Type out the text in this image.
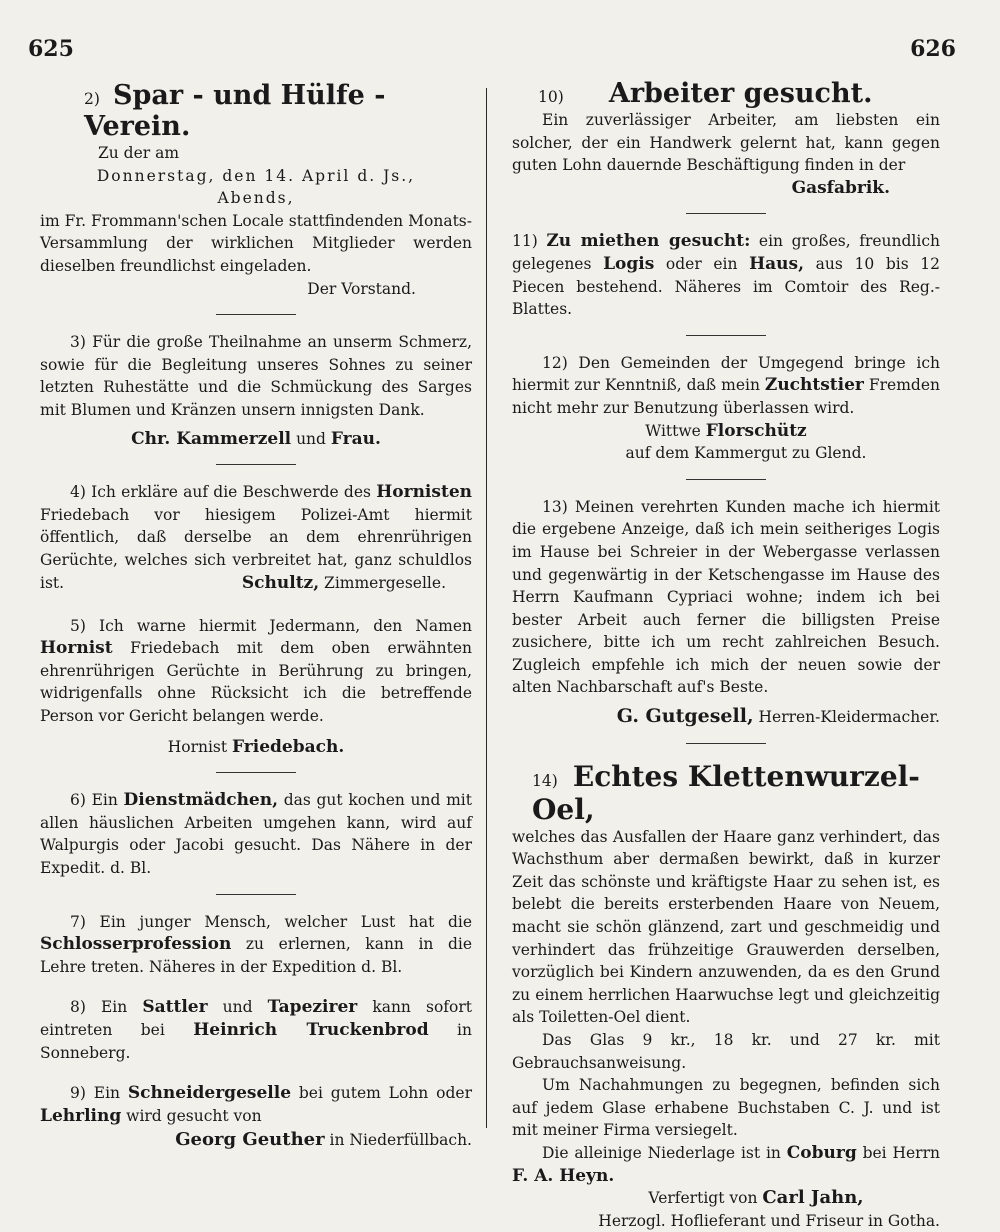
625	626

2) Spar - und Hülfe - Verein.

Zu der am

Donnerstag, den 14. April d. Js.,

Abends,

im Fr. Frommann'schen Locale stattfindenden Monats-Versammlung der wirklichen Mitglieder werden dieselben freundlichst eingeladen.

Der Vorstand.

3) Für die große Theilnahme an unserm Schmerz, sowie für die Begleitung unseres Sohnes zu seiner letzten Ruhestätte und die Schmückung des Sarges mit Blumen und Kränzen unsern innigsten Dank.

Chr. Kammerzell und Frau.

4) Ich erkläre auf die Beschwerde des Hornisten Friedebach vor hiesigem Polizei-Amt hiermit öffentlich, daß derselbe an dem ehrenrührigen Gerüchte, welches sich verbreitet hat, ganz schuldlos ist.	Schultz, Zimmergeselle.

5) Ich warne hiermit Jedermann, den Namen Hornist Friedebach mit dem oben erwähnten ehrenrührigen Gerüchte in Berührung zu bringen, widrigenfalls ohne Rücksicht ich die betreffende Person vor Gericht belangen werde.

Hornist Friedebach.

6) Ein Dienstmädchen, das gut kochen und mit allen häuslichen Arbeiten umgehen kann, wird auf Walpurgis oder Jacobi gesucht. Das Nähere in der Expedit. d. Bl.

7) Ein junger Mensch, welcher Lust hat die Schlosserprofession zu erlernen, kann in die Lehre treten. Näheres in der Expedition d. Bl.

8) Ein Sattler und Tapezirer kann sofort eintreten bei Heinrich Truckenbrod in Sonneberg.

9) Ein Schneidergeselle bei gutem Lohn oder Lehrling wird gesucht von

Georg Geuther in Niederfüllbach.

10) Arbeiter gesucht.

Ein zuverlässiger Arbeiter, am liebsten ein solcher, der ein Handwerk gelernt hat, kann gegen guten Lohn dauernde Beschäftigung finden in der

Gasfabrik.

11) Zu miethen gesucht: ein großes, freundlich gelegenes Logis oder ein Haus, aus 10 bis 12 Piecen bestehend. Näheres im Comtoir des Reg.-Blattes.

12) Den Gemeinden der Umgegend bringe ich hiermit zur Kenntniß, daß mein Zuchtstier Fremden nicht mehr zur Benutzung überlassen wird.

Wittwe Florschütz

auf dem Kammergut zu Glend.

13) Meinen verehrten Kunden mache ich hiermit die ergebene Anzeige, daß ich mein seitheriges Logis im Hause bei Schreier in der Webergasse verlassen und gegenwärtig in der Ketschengasse im Hause des Herrn Kaufmann Cypriaci wohne; indem ich bei bester Arbeit auch ferner die billigsten Preise zusichere, bitte ich um recht zahlreichen Besuch. Zugleich empfehle ich mich der neuen sowie der alten Nachbarschaft auf's Beste.

G. Gutgesell, Herren-Kleidermacher.

14) Echtes Klettenwurzel-Oel,

welches das Ausfallen der Haare ganz verhindert, das Wachsthum aber dermaßen bewirkt, daß in kurzer Zeit das schönste und kräftigste Haar zu sehen ist, es belebt die bereits ersterbenden Haare von Neuem, macht sie schön glänzend, zart und geschmeidig und verhindert das frühzeitige Grauwerden derselben, vorzüglich bei Kindern anzuwenden, da es den Grund zu einem herrlichen Haarwuchse legt und gleichzeitig als Toiletten-Oel dient.

Das Glas 9 kr., 18 kr. und 27 kr. mit Gebrauchsanweisung.

Um Nachahmungen zu begegnen, befinden sich auf jedem Glase erhabene Buchstaben C. J. und ist mit meiner Firma versiegelt.

Die alleinige Niederlage ist in Coburg bei Herrn F. A. Heyn.

Verfertigt von Carl Jahn,

Herzogl. Hoflieferant und Friseur in Gotha.
